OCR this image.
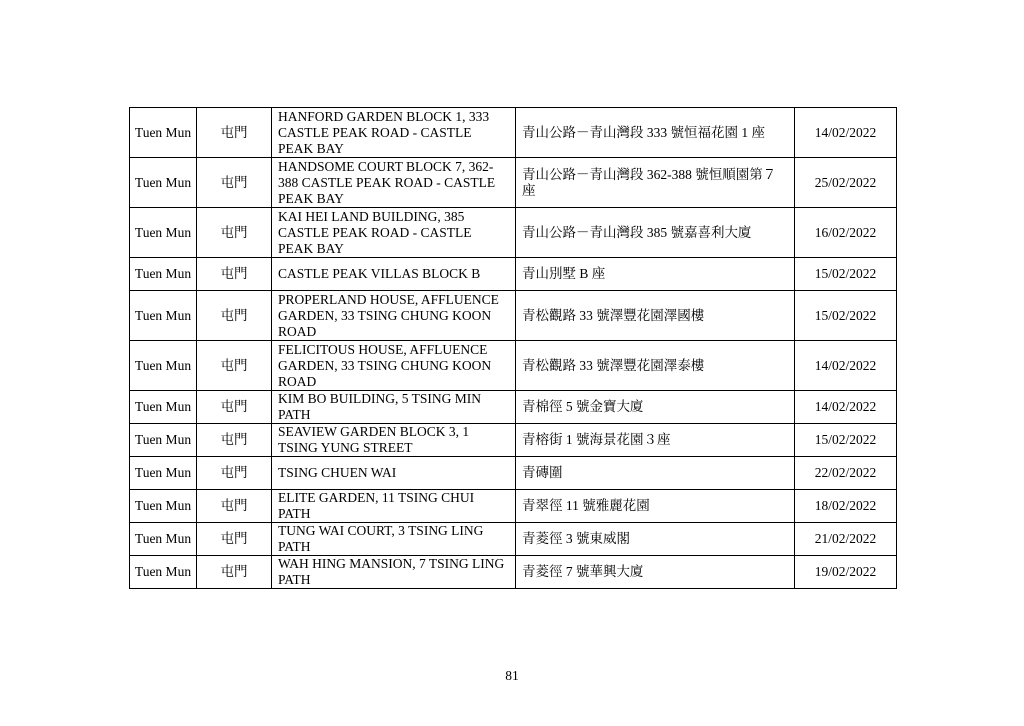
Tuen Mun	屯門	HANFORD GARDEN BLOCK 1, 333 CASTLE PEAK ROAD - CASTLE PEAK BAY	青山公路－青山灣段 333 號恒福花園 1 座	14/02/2022
Tuen Mun	屯門	HANDSOME COURT BLOCK 7, 362-388 CASTLE PEAK ROAD - CASTLE PEAK BAY	青山公路－青山灣段 362-388 號恒順園第７座	25/02/2022
Tuen Mun	屯門	KAI HEI LAND BUILDING, 385 CASTLE PEAK ROAD - CASTLE PEAK BAY	青山公路－青山灣段 385 號嘉喜利大廈	16/02/2022
Tuen Mun	屯門	CASTLE PEAK VILLAS BLOCK B	青山別墅 B 座	15/02/2022
Tuen Mun	屯門	PROPERLAND HOUSE, AFFLUENCE GARDEN, 33 TSING CHUNG KOON ROAD	青松觀路 33 號澤豐花園澤國樓	15/02/2022
Tuen Mun	屯門	FELICITOUS HOUSE, AFFLUENCE GARDEN, 33 TSING CHUNG KOON ROAD	青松觀路 33 號澤豐花園澤泰樓	14/02/2022
Tuen Mun	屯門	KIM BO BUILDING, 5 TSING MIN PATH	青棉徑 5 號金寶大廈	14/02/2022
Tuen Mun	屯門	SEAVIEW GARDEN BLOCK 3, 1 TSING YUNG STREET	青榕街 1 號海景花園３座	15/02/2022
Tuen Mun	屯門	TSING CHUEN WAI	青磚圍	22/02/2022
Tuen Mun	屯門	ELITE GARDEN, 11 TSING CHUI PATH	青翠徑 11 號雅麗花園	18/02/2022
Tuen Mun	屯門	TUNG WAI COURT, 3 TSING LING PATH	青菱徑 3 號東威閣	21/02/2022
Tuen Mun	屯門	WAH HING MANSION, 7 TSING LING PATH	青菱徑 7 號華興大廈	19/02/2022
81
